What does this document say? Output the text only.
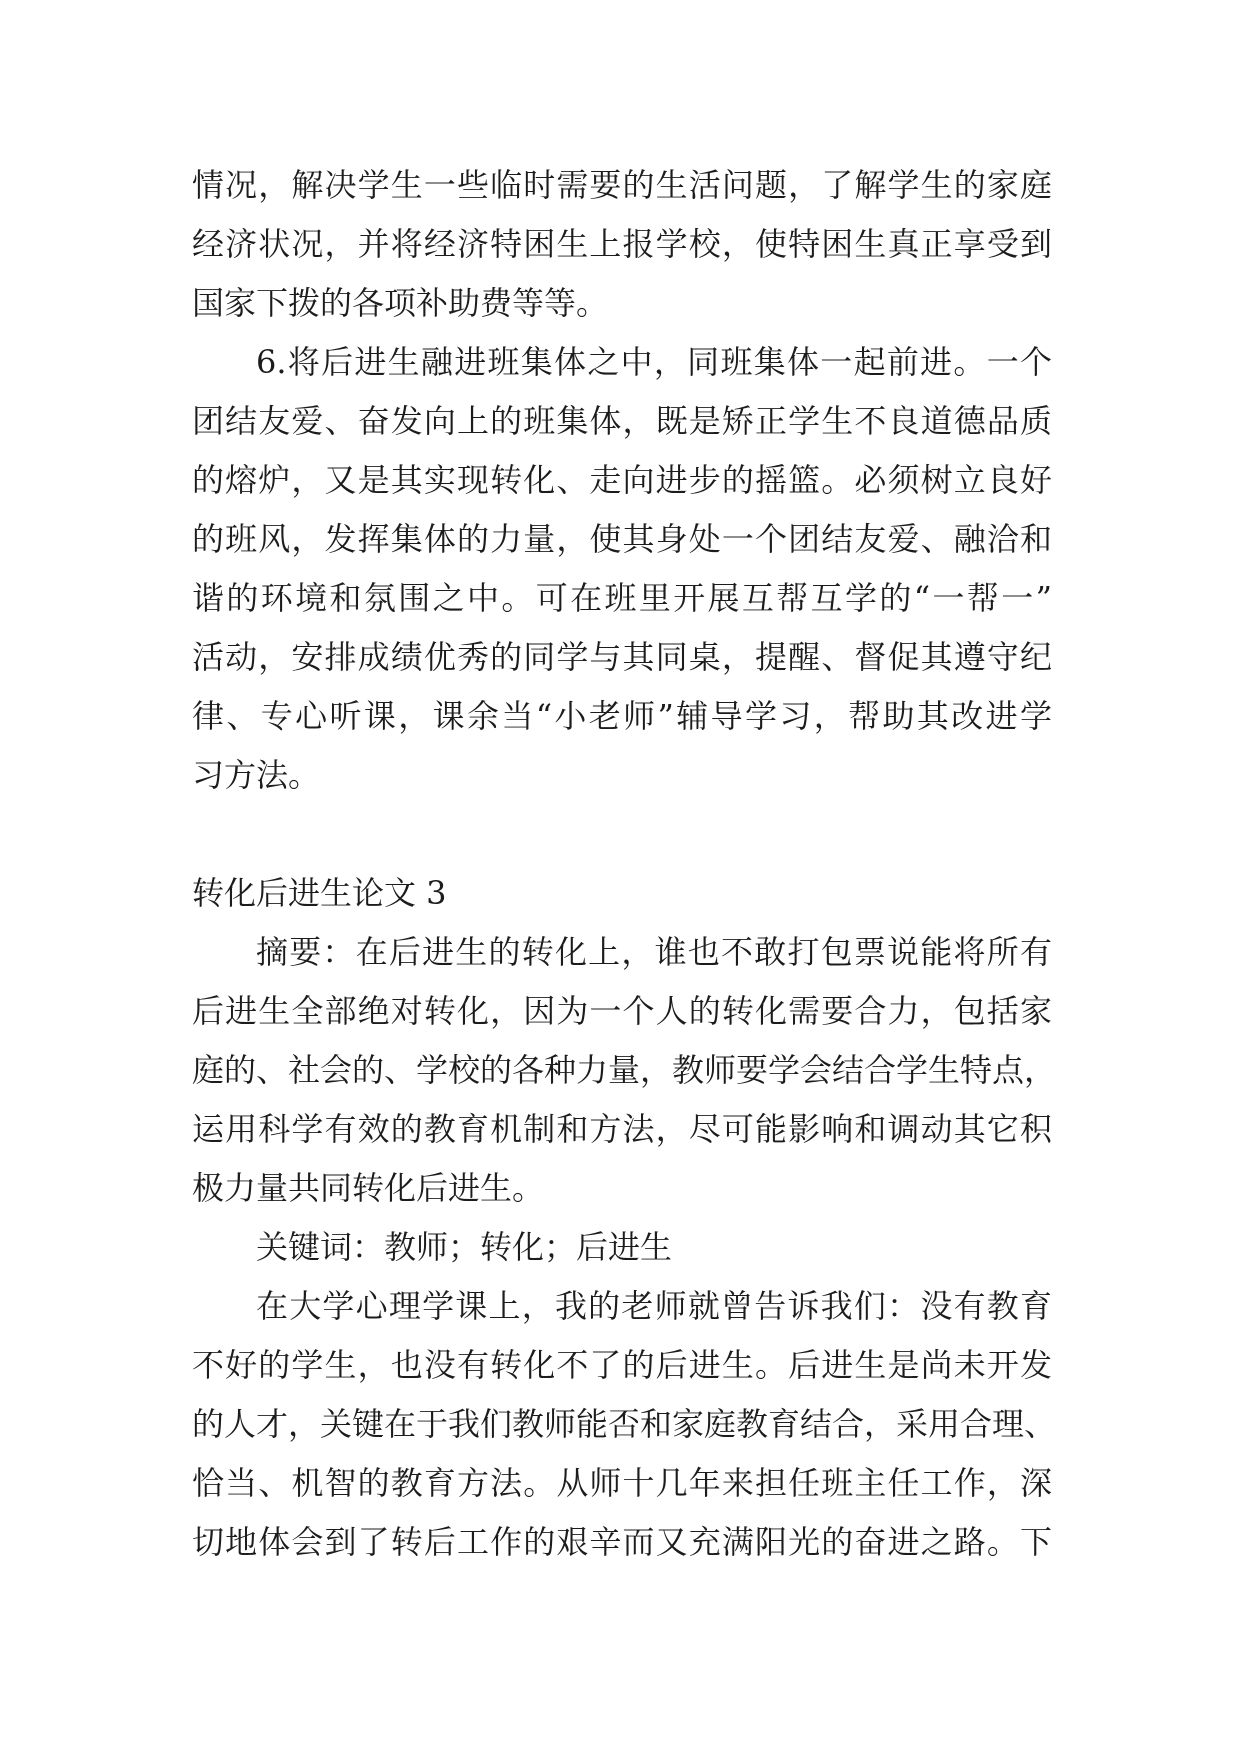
情况，解决学生一些临时需要的生活问题，了解学生的家庭
经济状况，并将经济特困生上报学校，使特困生真正享受到
国家下拨的各项补助费等等。

6.将后进生融进班集体之中，同班集体一起前进。一个
团结友爱、奋发向上的班集体，既是矫正学生不良道德品质
的熔炉，又是其实现转化、走向进步的摇篮。必须树立良好
的班风，发挥集体的力量，使其身处一个团结友爱、融洽和
谐的环境和氛围之中。可在班里开展互帮互学的“一帮一”
活动，安排成绩优秀的同学与其同桌，提醒、督促其遵守纪
律、专心听课，课余当“小老师”辅导学习，帮助其改进学
习方法。

转化后进生论文 3

摘要：在后进生的转化上，谁也不敢打包票说能将所有
后进生全部绝对转化，因为一个人的转化需要合力，包括家
庭的、社会的、学校的各种力量，教师要学会结合学生特点，
运用科学有效的教育机制和方法，尽可能影响和调动其它积
极力量共同转化后进生。

关键词：教师；转化；后进生

在大学心理学课上，我的老师就曾告诉我们：没有教育
不好的学生，也没有转化不了的后进生。后进生是尚未开发
的人才，关键在于我们教师能否和家庭教育结合，采用合理、
恰当、机智的教育方法。从师十几年来担任班主任工作，深
切地体会到了转后工作的艰辛而又充满阳光的奋进之路。下
